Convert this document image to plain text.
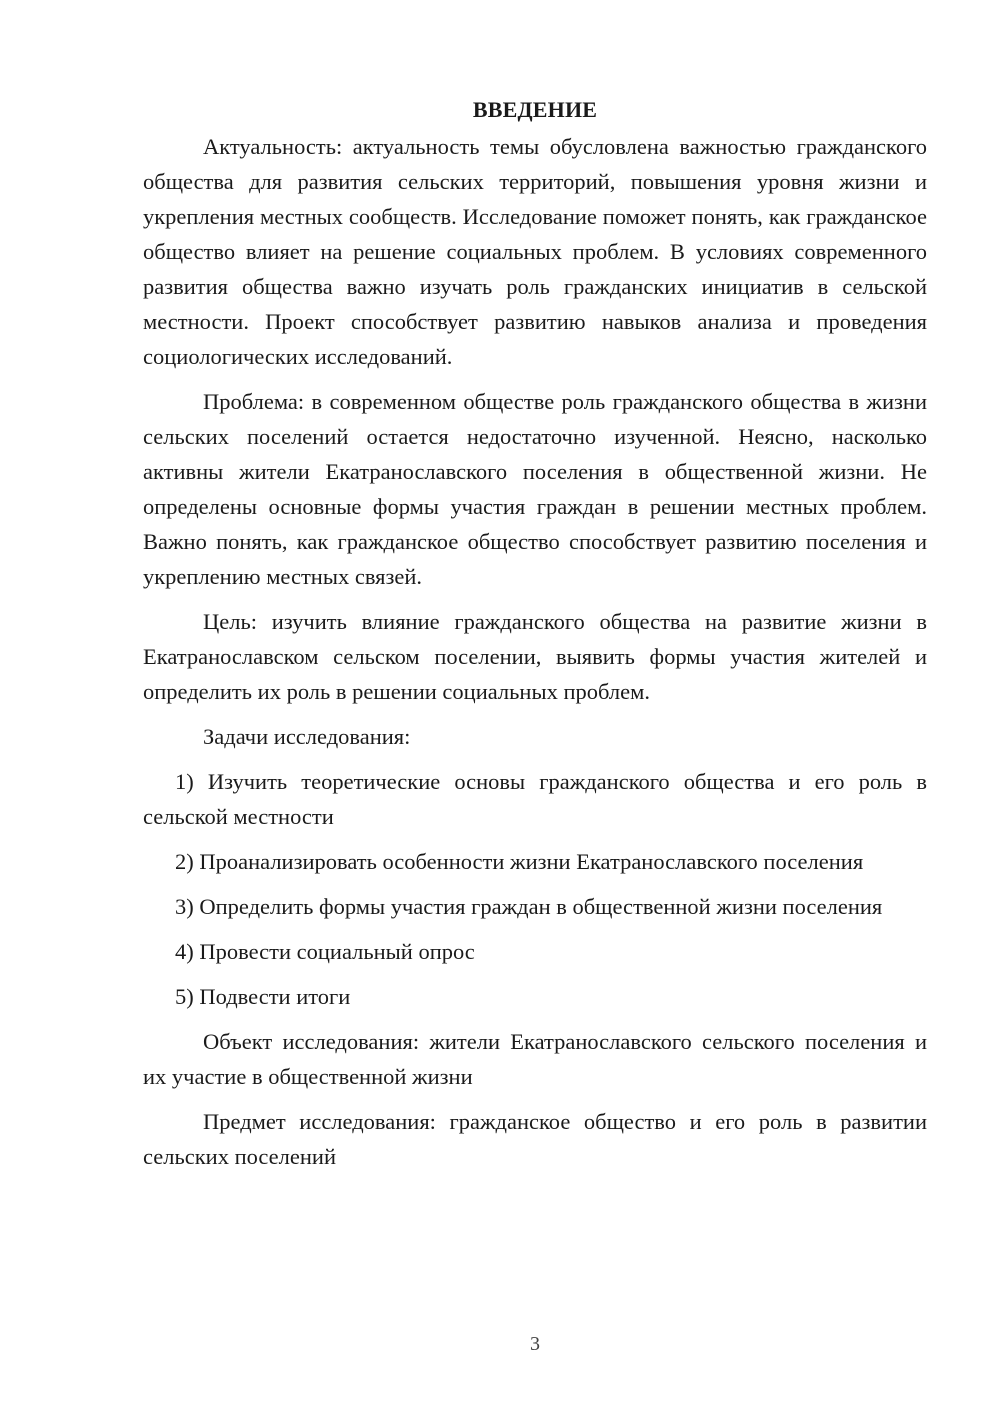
ВВЕДЕНИЕ

Актуальность: актуальность темы обусловлена важностью гражданского общества для развития сельских территорий, повышения уровня жизни и укрепления местных сообществ. Исследование поможет понять, как гражданское общество влияет на решение социальных проблем. В условиях современного развития общества важно изучать роль гражданских инициатив в сельской местности. Проект способствует развитию навыков анализа и проведения социологических исследований.

Проблема: в современном обществе роль гражданского общества в жизни сельских поселений остается недостаточно изученной. Неясно, насколько активны жители Екатранославского поселения в общественной жизни. Не определены основные формы участия граждан в решении местных проблем. Важно понять, как гражданское общество способствует развитию поселения и укреплению местных связей.

Цель: изучить влияние гражданского общества на развитие жизни в Екатранославском сельском поселении, выявить формы участия жителей и определить их роль в решении социальных проблем.

Задачи исследования:

1) Изучить теоретические основы гражданского общества и его роль в сельской местности

2) Проанализировать особенности жизни Екатранославского поселения

3) Определить формы участия граждан в общественной жизни поселения

4) Провести социальный опрос

5) Подвести итоги

Объект исследования: жители Екатранославского сельского поселения и их участие в общественной жизни

Предмет исследования: гражданское общество и его роль в развитии сельских поселений

3
